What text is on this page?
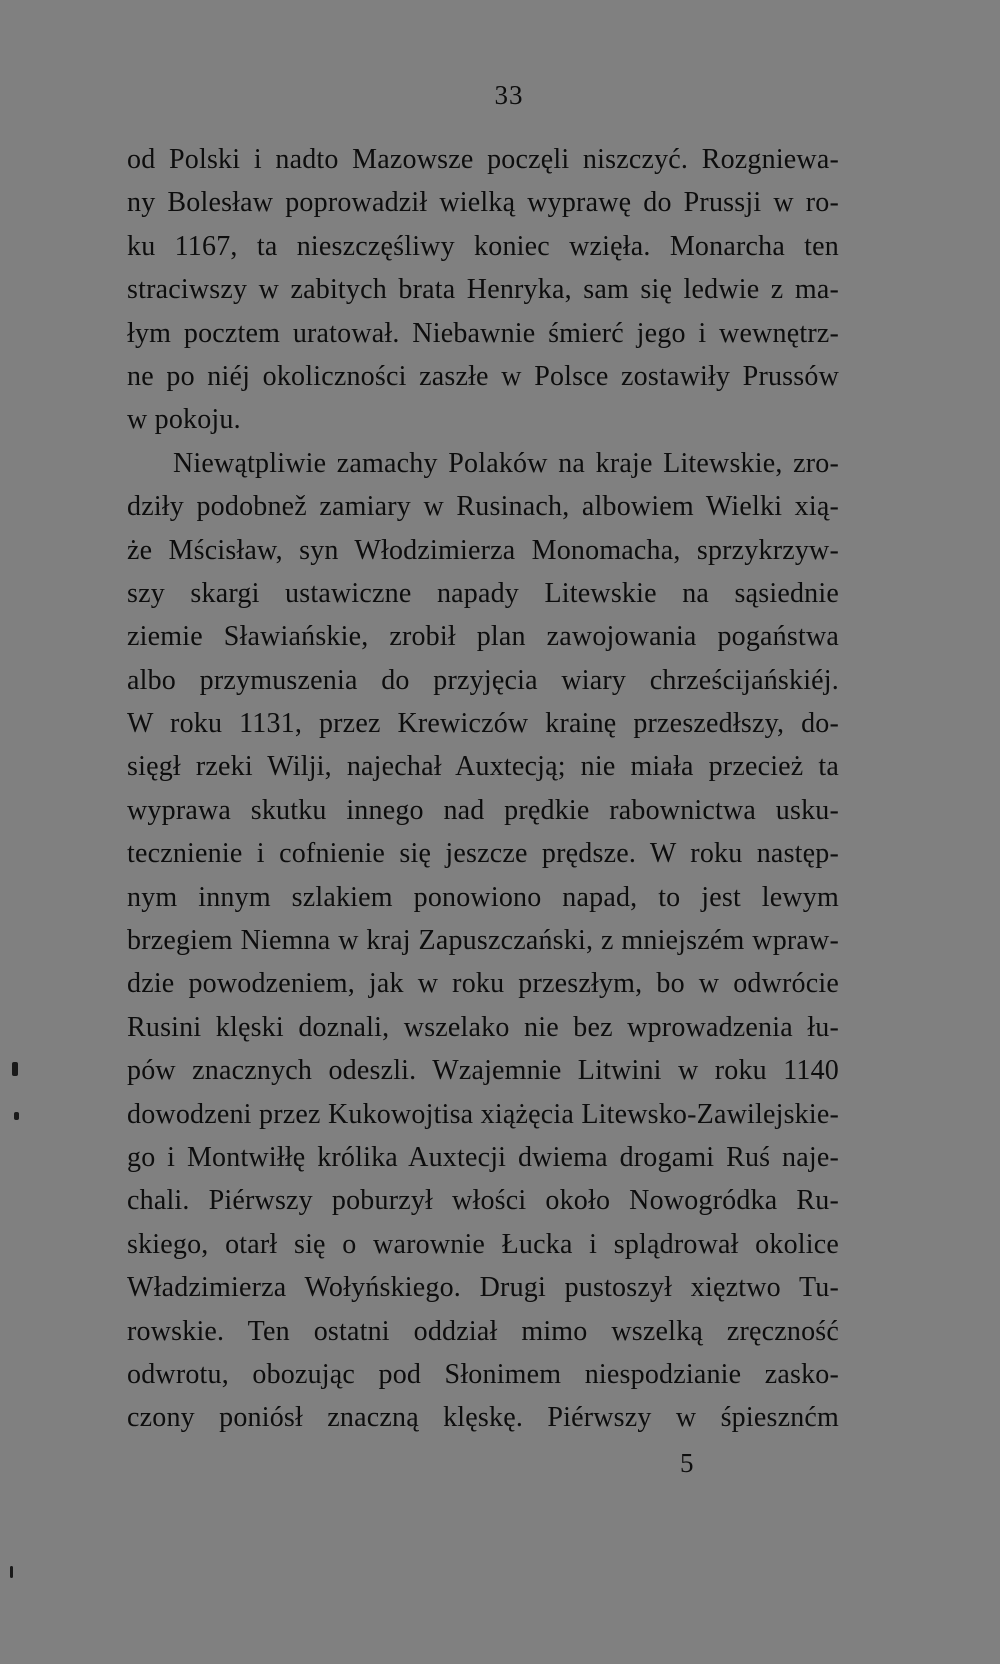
33
od Polski i nadto Mazowsze poczęli niszczyć. Rozgniewa-
ny Bolesław poprowadził wielką wyprawę do Prussji w ro-
ku 1167, ta nieszczęśliwy koniec wzięła. Monarcha ten
straciwszy w zabitych brata Henryka, sam się ledwie z ma-
łym pocztem uratował. Niebawnie śmierć jego i wewnętrz-
ne po niéj okoliczności zaszłe w Polsce zostawiły Prussów
w pokoju.
Niewątpliwie zamachy Polaków na kraje Litewskie, zro-
dziły podobnež zamiary w Rusinach, albowiem Wielki xią-
że Mścisław, syn Włodzimierza Monomacha, sprzykrzyw-
szy skargi ustawiczne napady Litewskie na sąsiednie
ziemie Sławiańskie, zrobił plan zawojowania pogaństwa
albo przymuszenia do przyjęcia wiary chrześcijańskiéj.
W roku 1131, przez Krewiczów krainę przeszedłszy, do-
sięgł rzeki Wilji, najechał Auxtecją; nie miała przecież ta
wyprawa skutku innego nad prędkie rabownictwa usku-
tecznienie i cofnienie się jeszcze prędsze. W roku następ-
nym innym szlakiem ponowiono napad, to jest lewym
brzegiem Niemna w kraj Zapuszczański, z mniejszém wpraw-
dzie powodzeniem, jak w roku przeszłym, bo w odwrócie
Rusini klęski doznali, wszelako nie bez wprowadzenia łu-
pów znacznych odeszli. Wzajemnie Litwini w roku 1140
dowodzeni przez Kukowojtisa xiążęcia Litewsko-Zawilejskie-
go i Montwiłłę królika Auxtecji dwiema drogami Ruś naje-
chali. Piérwszy poburzył włości około Nowogródka Ru-
skiego, otarł się o warownie Łucka i splądrował okolice
Władzimierza Wołyńskiego. Drugi pustoszył xięztwo Tu-
rowskie. Ten ostatni oddział mimo wszelką zręczność
odwrotu, obozując pod Słonimem niespodzianie zasko-
czony poniósł znaczną klęskę. Piérwszy w śpiesznćm
5
